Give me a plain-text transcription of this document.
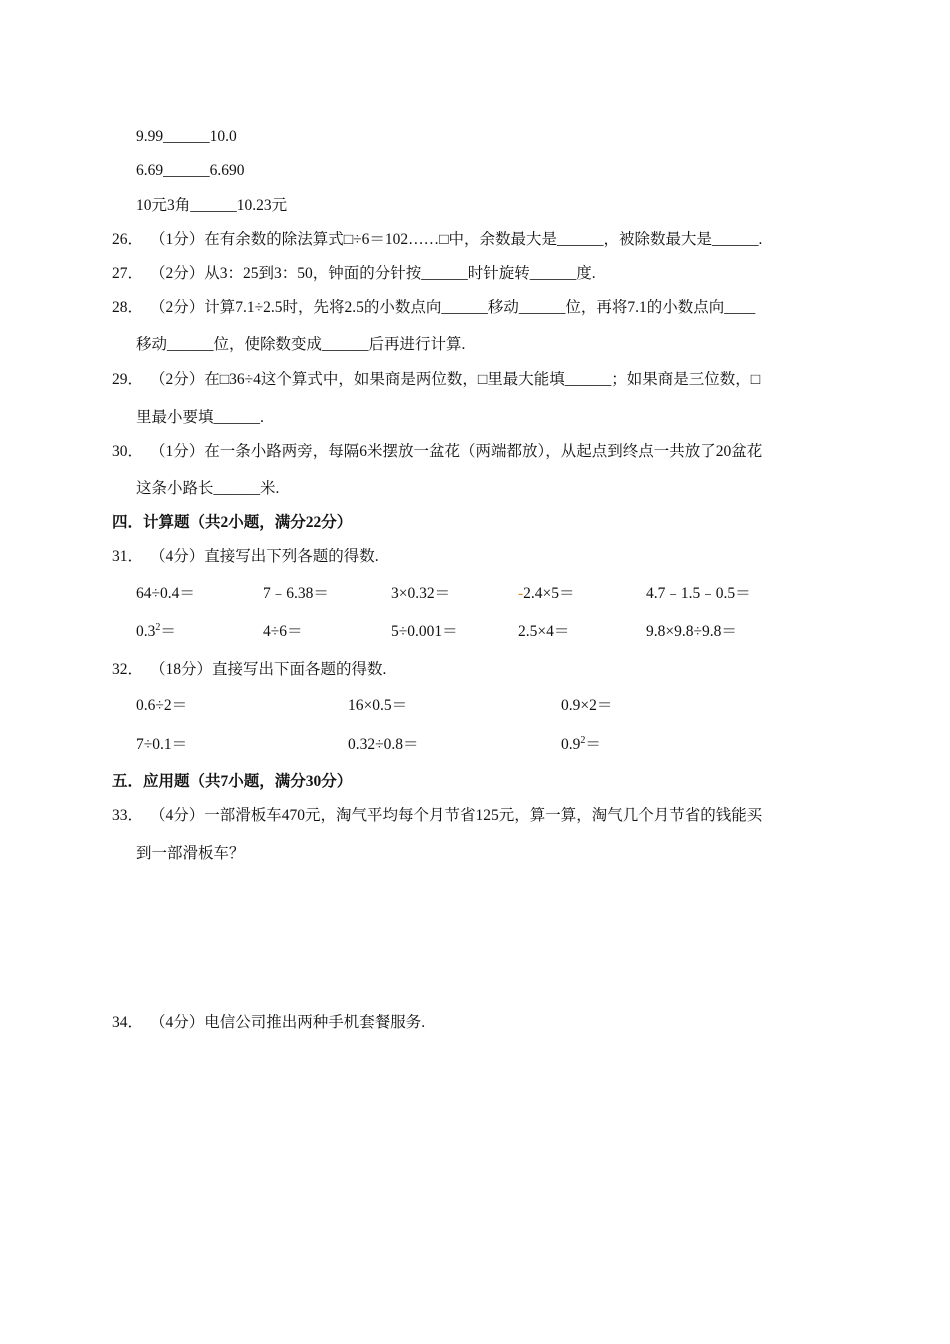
9.99______10.0
6.69______6.690
10元3角______10.23元
26． （1分）在有余数的除法算式□÷6＝102……□中，余数最大是______，被除数最大是______.
27． （2分）从3：25到3：50，钟面的分针按______时针旋转______度.
28． （2分）计算7.1÷2.5时，先将2.5的小数点向______移动______位，再将7.1的小数点向____
移动______位，使除数变成______后再进行计算.
29． （2分）在□36÷4这个算式中，如果商是两位数，□里最大能填______；如果商是三位数，□
里最小要填______.
30． （1分）在一条小路两旁，每隔6米摆放一盆花（两端都放），从起点到终点一共放了20盆花
这条小路长______米.
四．计算题（共2小题，满分22分）
31． （4分）直接写出下列各题的得数.
64÷0.4＝	7﹣6.38＝	3×0.32＝	-2.4×5＝	4.7﹣1.5﹣0.5＝
$0.3^2=$	4÷6＝	5÷0.001＝	2.5×4＝	9.8×9.8÷9.8＝
32． （18分）直接写出下面各题的得数.
0.6÷2＝	16×0.5＝	0.9×2＝
7÷0.1＝	0.32÷0.8＝	$0.9^2=$
五．应用题（共7小题，满分30分）
33． （4分）一部滑板车470元，淘气平均每个月节省125元，算一算，淘气几个月节省的钱能买
到一部滑板车？
34． （4分）电信公司推出两种手机套餐服务.
